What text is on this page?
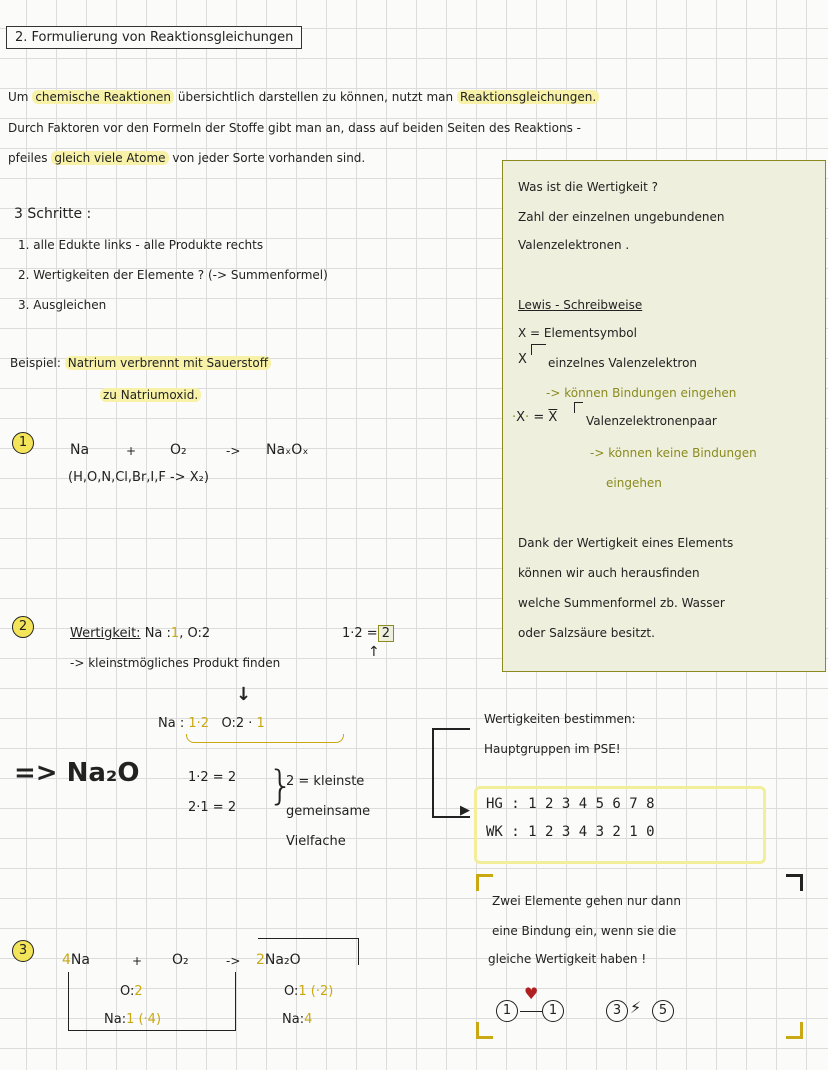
2. Formulierung von Reaktionsgleichungen
Um chemische Reaktionen übersichtlich darstellen zu können, nutzt man Reaktionsgleichungen.
Durch Faktoren vor den Formeln der Stoffe gibt man an, dass auf beiden Seiten des Reaktions -
pfeiles gleich viele Atome von jeder Sorte vorhanden sind.
Was ist die Wertigkeit ?
Zahl der einzelnen ungebundenen
Valenzelektronen .
Lewis - Schreibweise
X = Elementsymbol
X einzelnes Valenzelektron
-> können Bindungen eingehen
$\cdot X\cdot = \overline{X}$ Valenzelektronenpaar
-> können keine Bindungen
eingehen
Dank der Wertigkeit eines Elements
können wir auch herausfinden
welche Summenformel zb. Wasser
oder Salzsäure besitzt.
3 Schritte :
1. alle Edukte links - alle Produkte rechts
2. Wertigkeiten der Elemente ? (-> Summenformel)
3. Ausgleichen
Beispiel: Natrium verbrennt mit Sauerstoff
zu Natriumoxid.
1	Na	+ O₂	-> NaₓOₓ
(H,O,N,Cl,Br,I,F -> X₂)
2	Wertigkeit: Na :1, O:2	1·2 = 2
-> kleinstmögliches Produkt finden
↑
↓
Na : 1·2 O:2 · 1
=> Na₂O	1·2 = 2
2·1 = 2 }
2 = kleinste
gemeinsame
Vielfache
▶
Wertigkeiten bestimmen:
Hauptgruppen im PSE!
HG : 1 2 3 4 5 6 7 8
WK : 1 2 3 4 3 2 1 0
Zwei Elemente gehen nur dann
eine Bindung ein, wenn sie die
gleiche Wertigkeit haben !
1	1
♥
3 ⚡	5
3
4Na	+ O₂	-> 2Na₂O
O:2
Na:1 (·4)
O:1 (·2)
Na:4
